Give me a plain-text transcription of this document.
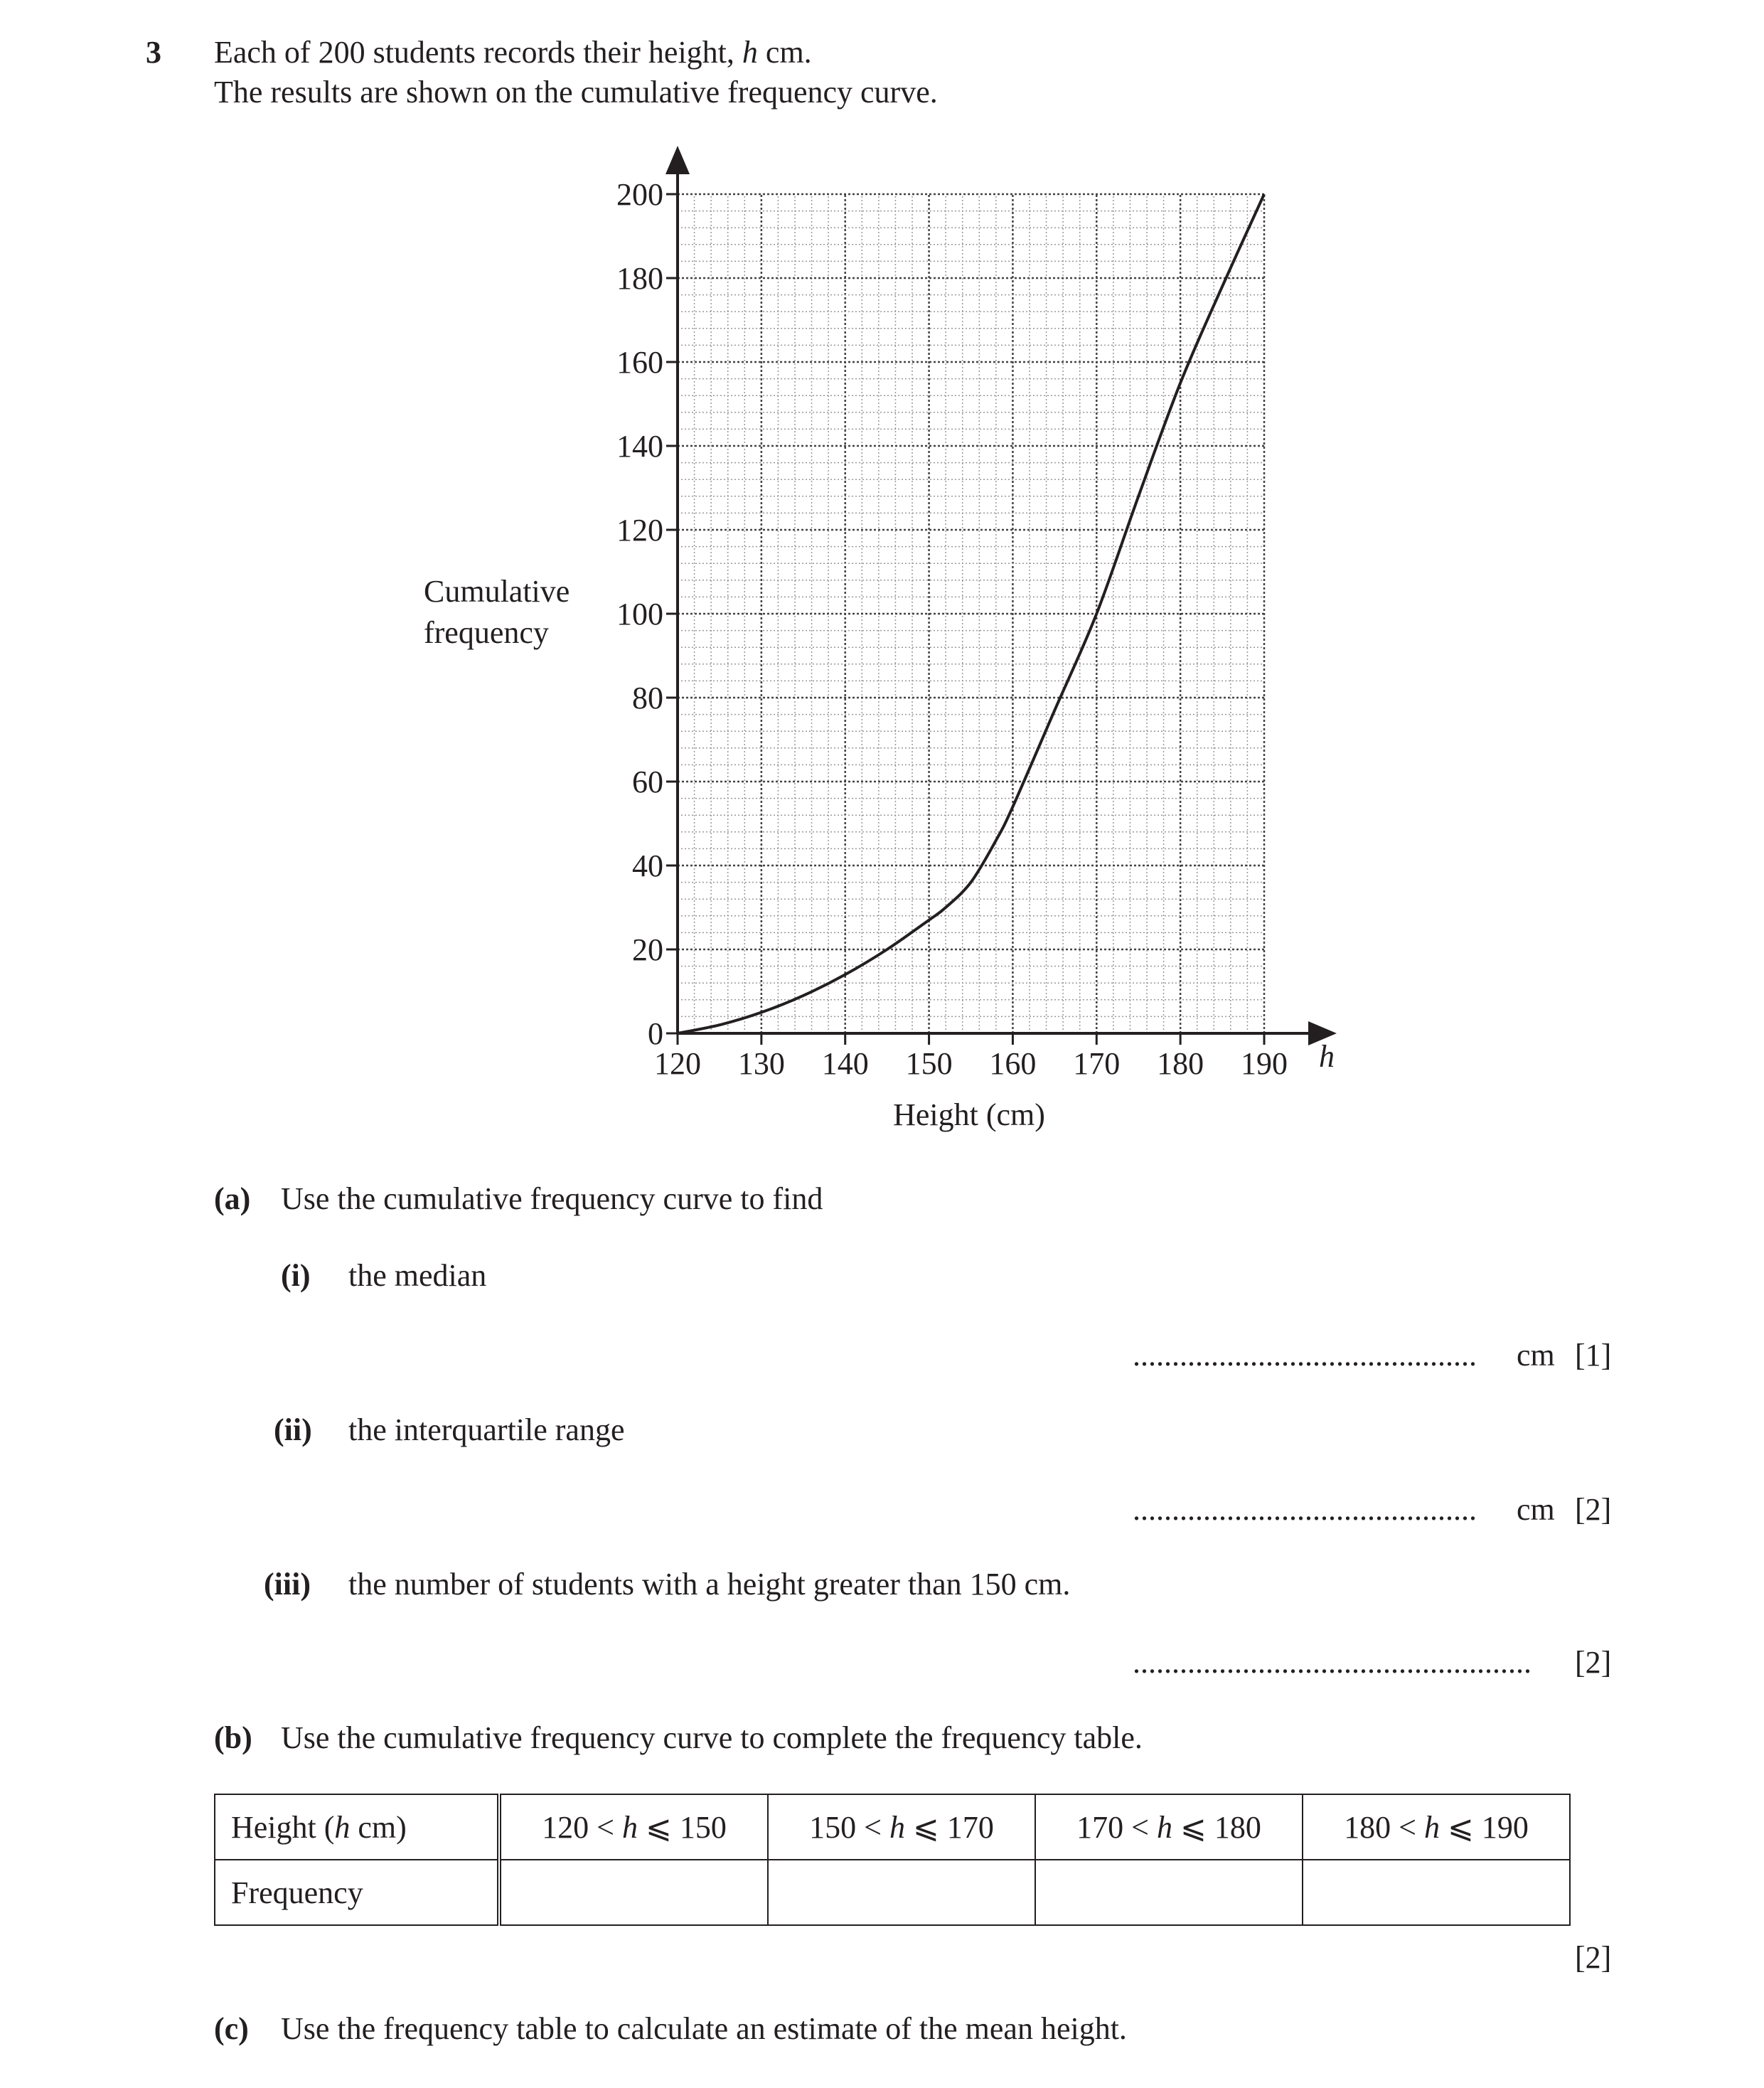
3 Each of 200 students records their height, h cm.
The results are shown on the cumulative frequency curve.
120 130 140 150 160 170 180 190
0
20
40
60
80
100
120
140
160
180
200
Cumulative
frequency
Height (cm)
h
(a) Use the cumulative frequency curve to find
(i) the median
............................................ cm [1]
(ii) the interquartile range
............................................ cm [2]
(iii) the number of students with a height greater than 150 cm.
................................................... [2]
(b) Use the cumulative frequency curve to complete the frequency table.
Height (h cm)	120 < h ⩽ 150	150 < h ⩽ 170	170 < h ⩽ 180	180 < h ⩽ 190
Frequency				
[2]
(c) Use the frequency table to calculate an estimate of the mean height.
